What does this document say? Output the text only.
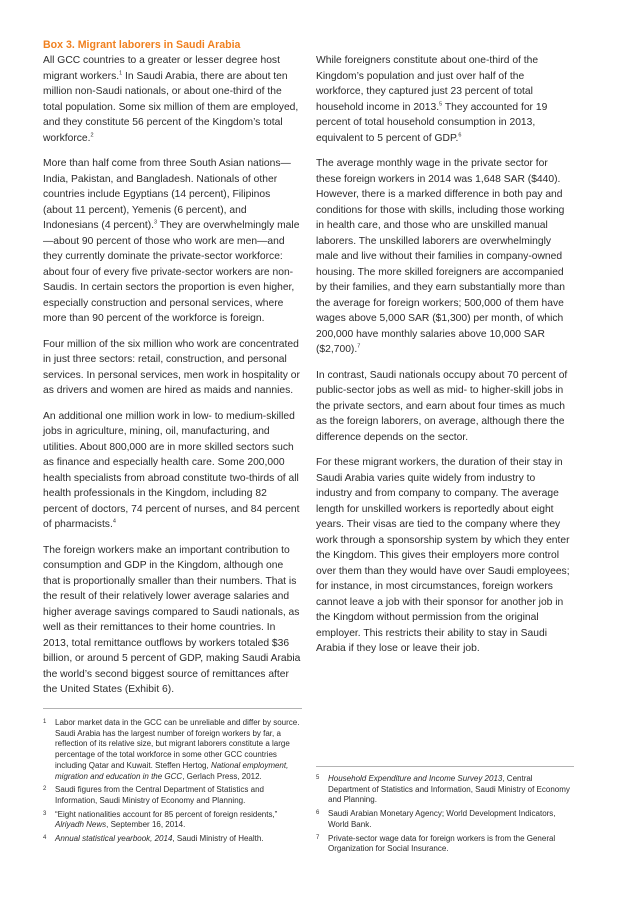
Box 3. Migrant laborers in Saudi Arabia

All GCC countries to a greater or lesser degree host migrant workers.$^1$ In Saudi Arabia, there are about ten million non-Saudi nationals, or about one-third of the total population. Some six million of them are employed, and they constitute 56 percent of the Kingdom’s total workforce.$^2$

More than half come from three South Asian nations—India, Pakistan, and Bangladesh. Nationals of other countries include Egyptians (14 percent), Filipinos (about 11 percent), Yemenis (6 percent), and Indonesians (4 percent).$^3$ They are overwhelmingly male—about 90 percent of those who work are men—and they currently dominate the private-sector workforce: about four of every five private-sector workers are non-Saudis. In certain sectors the proportion is even higher, especially construction and personal services, where more than 90 percent of the workforce is foreign.

Four million of the six million who work are concentrated in just three sectors: retail, construction, and personal services. In personal services, men work in hospitality or as drivers and women are hired as maids and nannies.

An additional one million work in low- to medium-skilled jobs in agriculture, mining, oil, manufacturing, and utilities. About 800,000 are in more skilled sectors such as finance and especially health care. Some 200,000 health specialists from abroad constitute two-thirds of all health professionals in the Kingdom, including 82 percent of doctors, 74 percent of nurses, and 84 percent of pharmacists.$^4$

The foreign workers make an important contribution to consumption and GDP in the Kingdom, although one that is proportionally smaller than their numbers. That is the result of their relatively lower average salaries and higher average savings compared to Saudi nationals, as well as their remittances to their home countries. In 2013, total remittance outflows by workers totaled $36 billion, or around 5 percent of GDP, making Saudi Arabia the world’s second biggest source of remittances after the United States (Exhibit 6).

While foreigners constitute about one-third of the Kingdom’s population and just over half of the workforce, they captured just 23 percent of total household income in 2013.$^5$ They accounted for 19 percent of total household consumption in 2013, equivalent to 5 percent of GDP.$^6$

The average monthly wage in the private sector for these foreign workers in 2014 was 1,648 SAR ($440). However, there is a marked difference in both pay and conditions for those with skills, including those working in health care, and those who are unskilled manual laborers. The unskilled laborers are overwhelmingly male and live without their families in company-owned housing. The more skilled foreigners are accompanied by their families, and they earn substantially more than the average for foreign workers; 500,000 of them have wages above 5,000 SAR ($1,300) per month, of which 200,000 have monthly salaries above 10,000 SAR ($2,700).$^7$

In contrast, Saudi nationals occupy about 70 percent of public-sector jobs as well as mid- to higher-skill jobs in the private sectors, and earn about four times as much as the foreign laborers, on average, although there the difference depends on the sector.

For these migrant workers, the duration of their stay in Saudi Arabia varies quite widely from industry to industry and from company to company. The average length for unskilled workers is reportedly about eight years. Their visas are tied to the company where they work through a sponsorship system by which they enter the Kingdom. This gives their employers more control over them than they would have over Saudi employees; for instance, in most circumstances, foreign workers cannot leave a job with their sponsor for another job in the Kingdom without permission from the original employer. This restricts their ability to stay in Saudi Arabia if they lose or leave their job.

1	Labor market data in the GCC can be unreliable and differ by source. Saudi Arabia has the largest number of foreign workers by far, a reflection of its relative size, but migrant laborers constitute a large percentage of the total workforce in some other GCC countries including Qatar and Kuwait. Steffen Hertog, National employment, migration and education in the GCC, Gerlach Press, 2012.
2	Saudi figures from the Central Department of Statistics and Information, Saudi Ministry of Economy and Planning.
3	“Eight nationalities account for 85 percent of foreign residents,” Alriyadh News, September 16, 2014.
4	Annual statistical yearbook, 2014, Saudi Ministry of Health.
5	Household Expenditure and Income Survey 2013, Central Department of Statistics and Information, Saudi Ministry of Economy and Planning.
6	Saudi Arabian Monetary Agency; World Development Indicators, World Bank.
7	Private-sector wage data for foreign workers is from the General Organization for Social Insurance.
